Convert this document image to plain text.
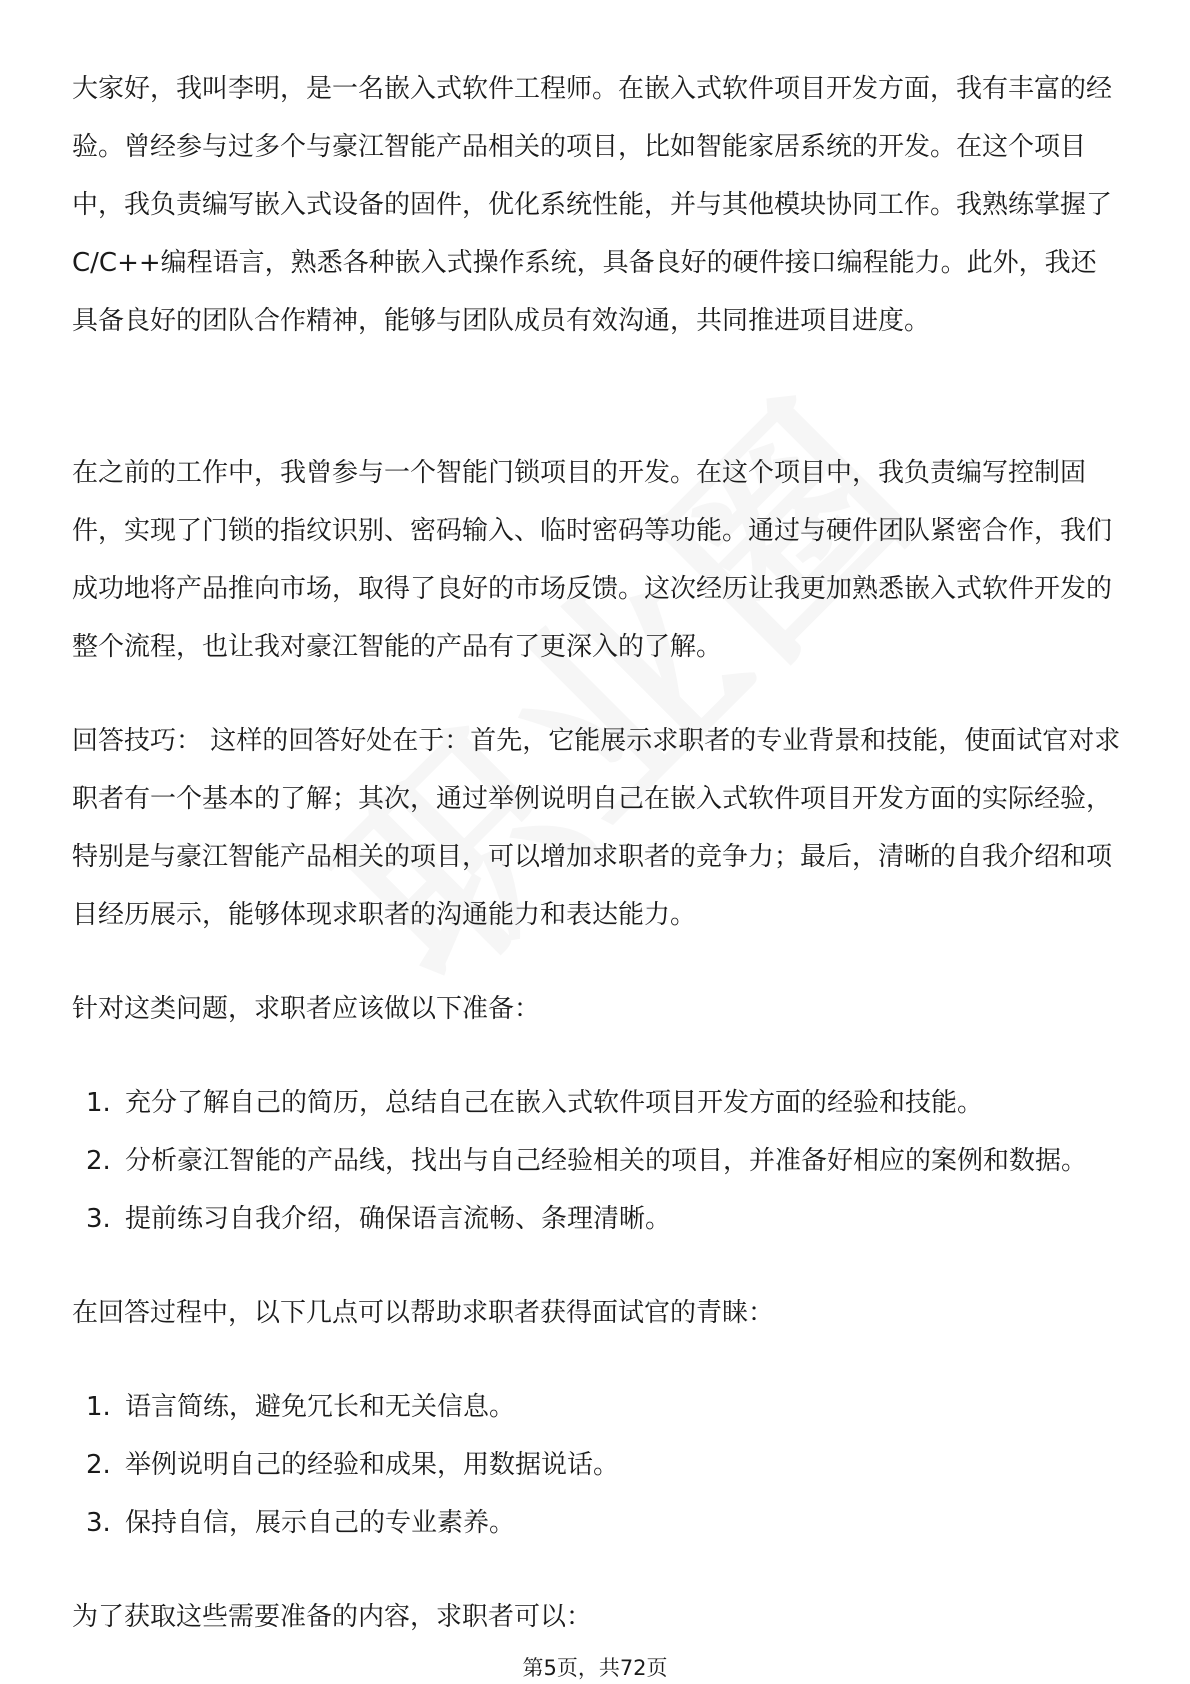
大家好，我叫李明，是一名嵌入式软件工程师。在嵌入式软件项目开发方面，我有丰富的经验。曾经参与过多个与豪江智能产品相关的项目，比如智能家居系统的开发。在这个项目中，我负责编写嵌入式设备的固件，优化系统性能，并与其他模块协同工作。我熟练掌握了C/C++编程语言，熟悉各种嵌入式操作系统，具备良好的硬件接口编程能力。此外，我还具备良好的团队合作精神，能够与团队成员有效沟通，共同推进项目进度。

在之前的工作中，我曾参与一个智能门锁项目的开发。在这个项目中，我负责编写控制固件，实现了门锁的指纹识别、密码输入、临时密码等功能。通过与硬件团队紧密合作，我们成功地将产品推向市场，取得了良好的市场反馈。这次经历让我更加熟悉嵌入式软件开发的整个流程，也让我对豪江智能的产品有了更深入的了解。

回答技巧： 这样的回答好处在于：首先，它能展示求职者的专业背景和技能，使面试官对求职者有一个基本的了解；其次，通过举例说明自己在嵌入式软件项目开发方面的实际经验，特别是与豪江智能产品相关的项目，可以增加求职者的竞争力；最后，清晰的自我介绍和项目经历展示，能够体现求职者的沟通能力和表达能力。

针对这类问题，求职者应该做以下准备：

1. 充分了解自己的简历，总结自己在嵌入式软件项目开发方面的经验和技能。
2. 分析豪江智能的产品线，找出与自己经验相关的项目，并准备好相应的案例和数据。
3. 提前练习自我介绍，确保语言流畅、条理清晰。

在回答过程中，以下几点可以帮助求职者获得面试官的青睐：

1. 语言简练，避免冗长和无关信息。
2. 举例说明自己的经验和成果，用数据说话。
3. 保持自信，展示自己的专业素养。

为了获取这些需要准备的内容，求职者可以：

第5页，共72页
